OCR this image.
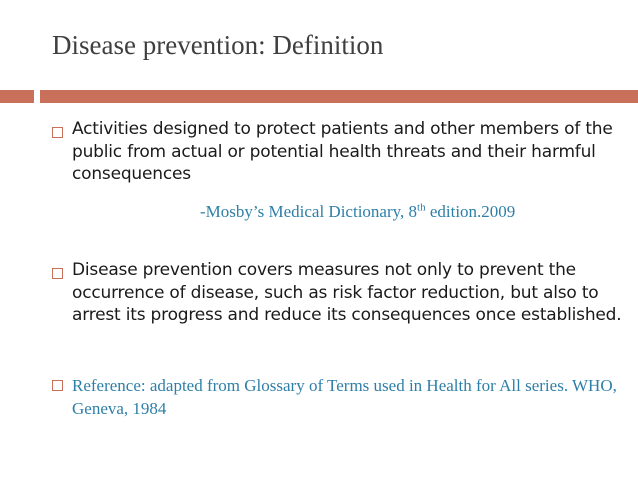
Disease prevention: Definition
Activities designed to protect patients and other members of the public from actual or potential health threats and their harmful consequences
-Mosby’s Medical Dictionary, 8th edition.2009
Disease prevention covers measures not only to prevent the occurrence of disease, such as risk factor reduction, but also to arrest its progress and reduce its consequences once established.
Reference: adapted from Glossary of Terms used in Health for All series. WHO, Geneva, 1984
